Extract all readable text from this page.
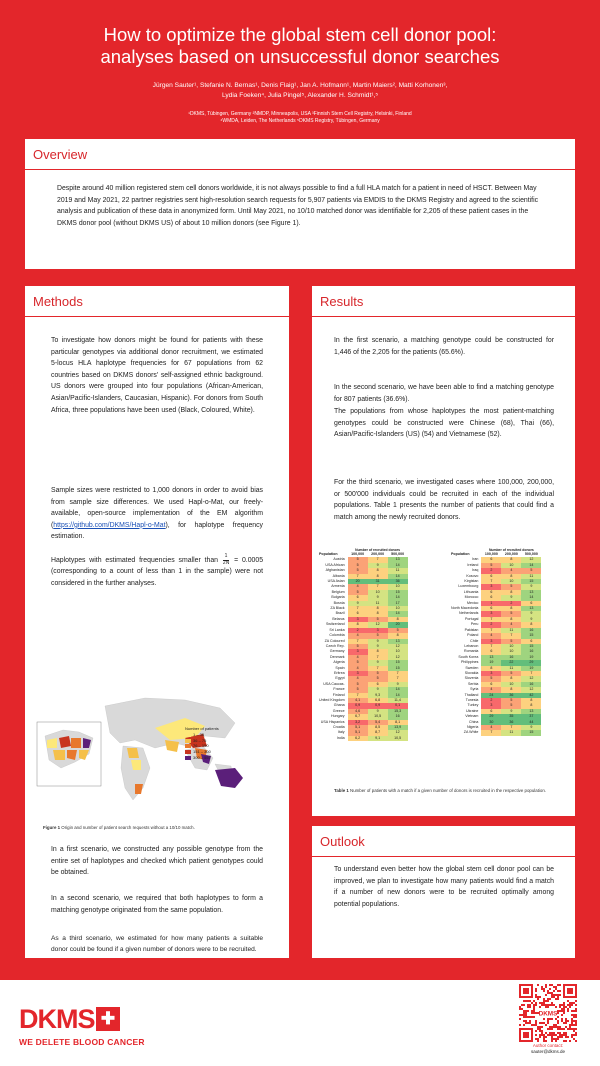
How to optimize the global stem cell donor pool:
analyses based on unsuccessful donor searches
Jürgen Sauter¹, Stefanie N. Bernas¹, Denis Flaig¹, Jan A. Hofmann¹, Martin Maiers², Matti Korhonen³,
Lydia Foeken⁴, Julia Pingel⁵, Alexander H. Schmidt¹,⁵
¹DKMS, Tübingen, Germany ²NMDP, Minneapolis, USA ³Finnish Stem Cell Registry, Helsinki, Finland
⁴WMDA, Leiden, The Netherlands ⁵DKMS Registry, Tübingen, Germany
Overview
Despite around 40 million registered stem cell donors worldwide, it is not always possible to find a full HLA match for a patient in need of HSCT. Between May 2019 and May 2021, 22 partner registries sent high-resolution search requests for 5,907 patients via EMDIS to the DKMS Registry and agreed to the scientific analysis and publication of these data in anonymized form. Until May 2021, no 10/10 matched donor was identifiable for 2,205 of these patient cases in the DKMS donor pool (without DKMS US) of about 10 million donors (see Figure 1).
Methods
To investigate how donors might be found for patients with these particular genotypes via additional donor recruitment, we estimated 5-locus HLA haplotype frequencies for 67 populations from 62 countries based on DKMS donors' self-assigned ethnic background. US donors were grouped into four populations (African-American, Asian/Pacific-Islanders, Caucasian, Hispanic). For donors from South Africa, three populations have been used (Black, Coloured, White).
Sample sizes were restricted to 1,000 donors in order to avoid bias from sample size differences. We used Hapl-o-Mat, our freely-available, open-source implementation of the EM algorithm (https://github.com/DKMS/Hapl-o-Mat), for haplotype frequency estimation.
Haplotypes with estimated frequencies smaller than $\frac{1}{2N} = 0.0005$ (corresponding to a count of less than 1 in the sample) were not considered in the further analyses.
Number of patients
1 – 35
36 – 75
76 – 150
151 – 300
300 – 557
Figure 1 Origin and number of patient search requests without a 10/10 match.
In a first scenario, we constructed any possible genotype from the entire set of haplotypes and checked which patient genotypes could be obtained.
In a second scenario, we required that both haplotypes to form a matching genotype originated from the same population.
As a third scenario, we estimated for how many patients a suitable donor could be found if a given number of donors were to be recruited.
Results
In the first scenario, a matching genotype could be constructed for 1,446 of the 2,205 for the patients (65.6%).
In the second scenario, we have been able to find a matching genotype for 807 patients (36.6%).
The populations from whose haplotypes the most patient-matching genotypes could be constructed were Chinese (68), Thai (66), Asian/Pacific-Islanders (US) (54) and Vietnamese (52).
For the third scenario, we investigated cases where 100,000, 200,000, or 500'000 individuals could be recruited in each of the individual populations. Table 1 presents the number of patients that could find a match among the newly recruited donors.
	Number of recruited donors		
Population	100,000	200,000	500,000
Austria	5	7	13
USA African	5	9	14
Afghanistan	5	8	11
Albania	7	8	14
USA Asian	20	31	36
Armenia	4	7	10
Belgium	5	10	15
Bulgaria	6	9	14
Bosnia	9	11	17
ZA Black	7	8	10
Brazil	6	8	14
Belarus	3	5	8
Switzerland	8	12	20
Sri Lanka	2	3	5
Colombia	4	5	8
ZA Coloured	7	9	13
Czech Rep.	5	9	12
Germany	3	8	10
Denmark	4	7	12
Algeria	5	9	15
Spain	4	7	15
Eritrea	3	5	7
Egypt	4	5	7
USA Caucas.	5	6	9
France	5	9	14
Finland	7	9,3	14
United Kingdom	4,1	6,8	11,4
Ghana	0,9	0,9	0,1
Greece	4,6	9	15,3
Hungary	6,7	10,5	16
USA Hispanics	3,2	5,4	8,1
Croatia	5,1	8,5	13,9
Italy	5,1	8,7	12
India	6,2	9,1	10,5
	Number of recruited donors		
Population	100,000	200,000	500,000
Iran	6	8	12
Ireland	5	10	14
Iraq	2	4	5
Kosovo	6	8	11
Kirgistan	7	10	15
Luxembourg	3	5	9
Lithuania	6	8	13
Morocco	6	9	14
Mexico	1	2	6
North Macedonia	6	8	13
Netherlands	3	5	9
Portugal	7	8	9
Peru	2	4	8
Pakistan	7	11	16
Poland	4	7	15
Chile	3	5	6
Lebanon	7	10	15
Romania	6	10	16
South Korea	13	16	19
Philippines	19	22	29
Sweden	8	11	19
Slovakia	3	5	7
Slovenia	5	8	12
Serbia	6	10	16
Syria	4	8	12
Thailand	24	36	42
Tunesia	2	5	8
Turkey	3	5	8
Ukraine	6	9	13
Vietnam	29	35	37
China	30	36	44
Nigeria	4	7	9
ZA White	7	11	15
Table 1 Number of patients with a match if a given number of donors is recruited in the respective population.
Outlook
To understand even better how the global stem cell donor pool can be improved, we plan to investigate how many patients would find a match if a number of new donors were to be recruited optimally among potential populations.
DKMS ✚
WE DELETE BLOOD CANCER
DKMS
Author contact:
sauter@dkms.de
